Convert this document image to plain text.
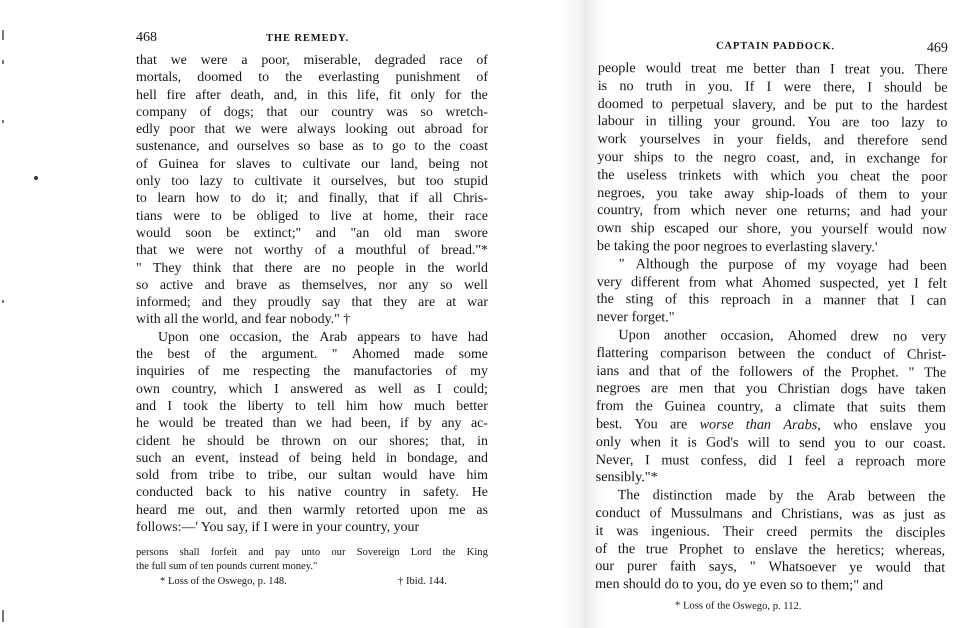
468	THE REMEDY.
that we were a poor, miserable, degraded race of
mortals, doomed to the everlasting punishment of
hell fire after death, and, in this life, fit only for the
company of dogs; that our country was so wretch-
edly poor that we were always looking out abroad for
sustenance, and ourselves so base as to go to the coast
of Guinea for slaves to cultivate our land, being not
only too lazy to cultivate it ourselves, but too stupid
to learn how to do it; and finally, that if all Chris-
tians were to be obliged to live at home, their race
would soon be extinct;" and "an old man swore
that we were not worthy of a mouthful of bread."*
" They think that there are no people in the world
so active and brave as themselves, nor any so well
informed; and they proudly say that they are at war
with all the world, and fear nobody." †
Upon one occasion, the Arab appears to have had
the best of the argument. " Ahomed made some
inquiries of me respecting the manufactories of my
own country, which I answered as well as I could;
and I took the liberty to tell him how much better
he would be treated than we had been, if by any ac-
cident he should be thrown on our shores; that, in
such an event, instead of being held in bondage, and
sold from tribe to tribe, our sultan would have him
conducted back to his native country in safety. He
heard me out, and then warmly retorted upon me as
follows:—' You say, if I were in your country, your
persons shall forfeit and pay unto our Sovereign Lord the King
the full sum of ten pounds current money."
* Loss of the Oswego, p. 148.	† Ibid. 144.
CAPTAIN PADDOCK.	469
people would treat me better than I treat you. There
is no truth in you. If I were there, I should be
doomed to perpetual slavery, and be put to the hardest
labour in tilling your ground. You are too lazy to
work yourselves in your fields, and therefore send
your ships to the negro coast, and, in exchange for
the useless trinkets with which you cheat the poor
negroes, you take away ship-loads of them to your
country, from which never one returns; and had your
own ship escaped our shore, you yourself would now
be taking the poor negroes to everlasting slavery.'
" Although the purpose of my voyage had been
very different from what Ahomed suspected, yet I felt
the sting of this reproach in a manner that I can
never forget."
Upon another occasion, Ahomed drew no very
flattering comparison between the conduct of Christ-
ians and that of the followers of the Prophet. " The
negroes are men that you Christian dogs have taken
from the Guinea country, a climate that suits them
best. You are worse than Arabs, who enslave you
only when it is God's will to send you to our coast.
Never, I must confess, did I feel a reproach more
sensibly."*
The distinction made by the Arab between the
conduct of Mussulmans and Christians, was as just as
it was ingenious. Their creed permits the disciples
of the true Prophet to enslave the heretics; whereas,
our purer faith says, " Whatsoever ye would that
men should do to you, do ye even so to them;" and
* Loss of the Oswego, p. 112.
